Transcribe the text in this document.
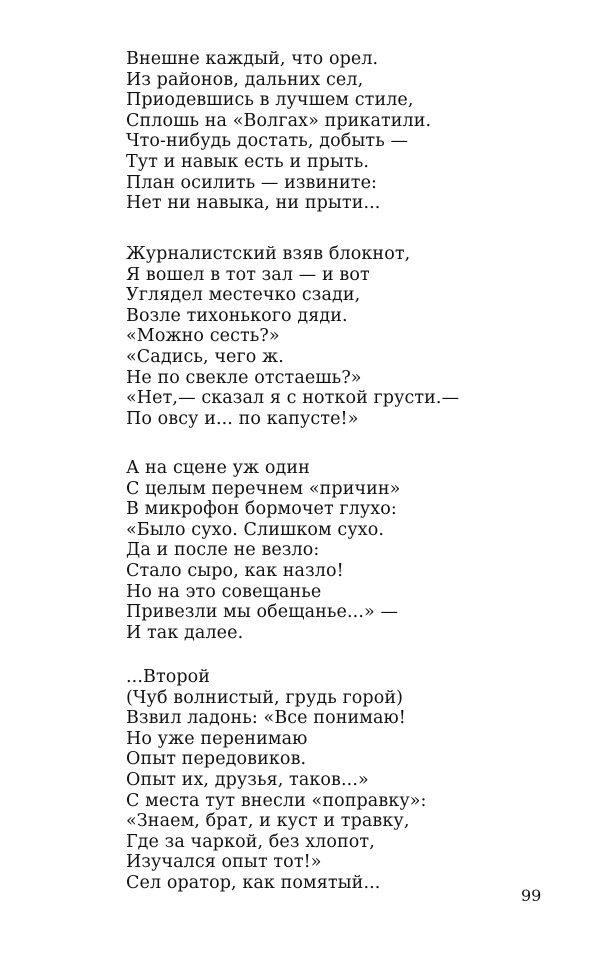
Внешне каждый, что орел.
Из районов, дальних сел,
Приодевшись в лучшем стиле,
Сплошь на «Волгах» прикатили.
Что-нибудь достать, добыть —
Тут и навык есть и прыть.
План осилить — извините:
Нет ни навыка, ни прыти...
Журналистский взяв блокнот,
Я вошел в тот зал — и вот
Углядел местечко сзади,
Возле тихонького дяди.
«Можно сесть?»
«Садись, чего ж.
Не по свекле отстаешь?»
«Нет,— сказал я с ноткой грусти.—
По овсу и... по капусте!»
А на сцене уж один
С целым перечнем «причин»
В микрофон бормочет глухо:
«Было сухо. Слишком сухо.
Да и после не везло:
Стало сыро, как назло!
Но на это совещанье
Привезли мы обещанье...» —
И так далее.
...Второй
(Чуб волнистый, грудь горой)
Взвил ладонь: «Все понимаю!
Но уже перенимаю
Опыт передовиков.
Опыт их, друзья, таков...»
С места тут внесли «поправку»:
«Знаем, брат, и куст и травку,
Где за чаркой, без хлопот,
Изучался опыт тот!»
Сел оратор, как помятый...
99
